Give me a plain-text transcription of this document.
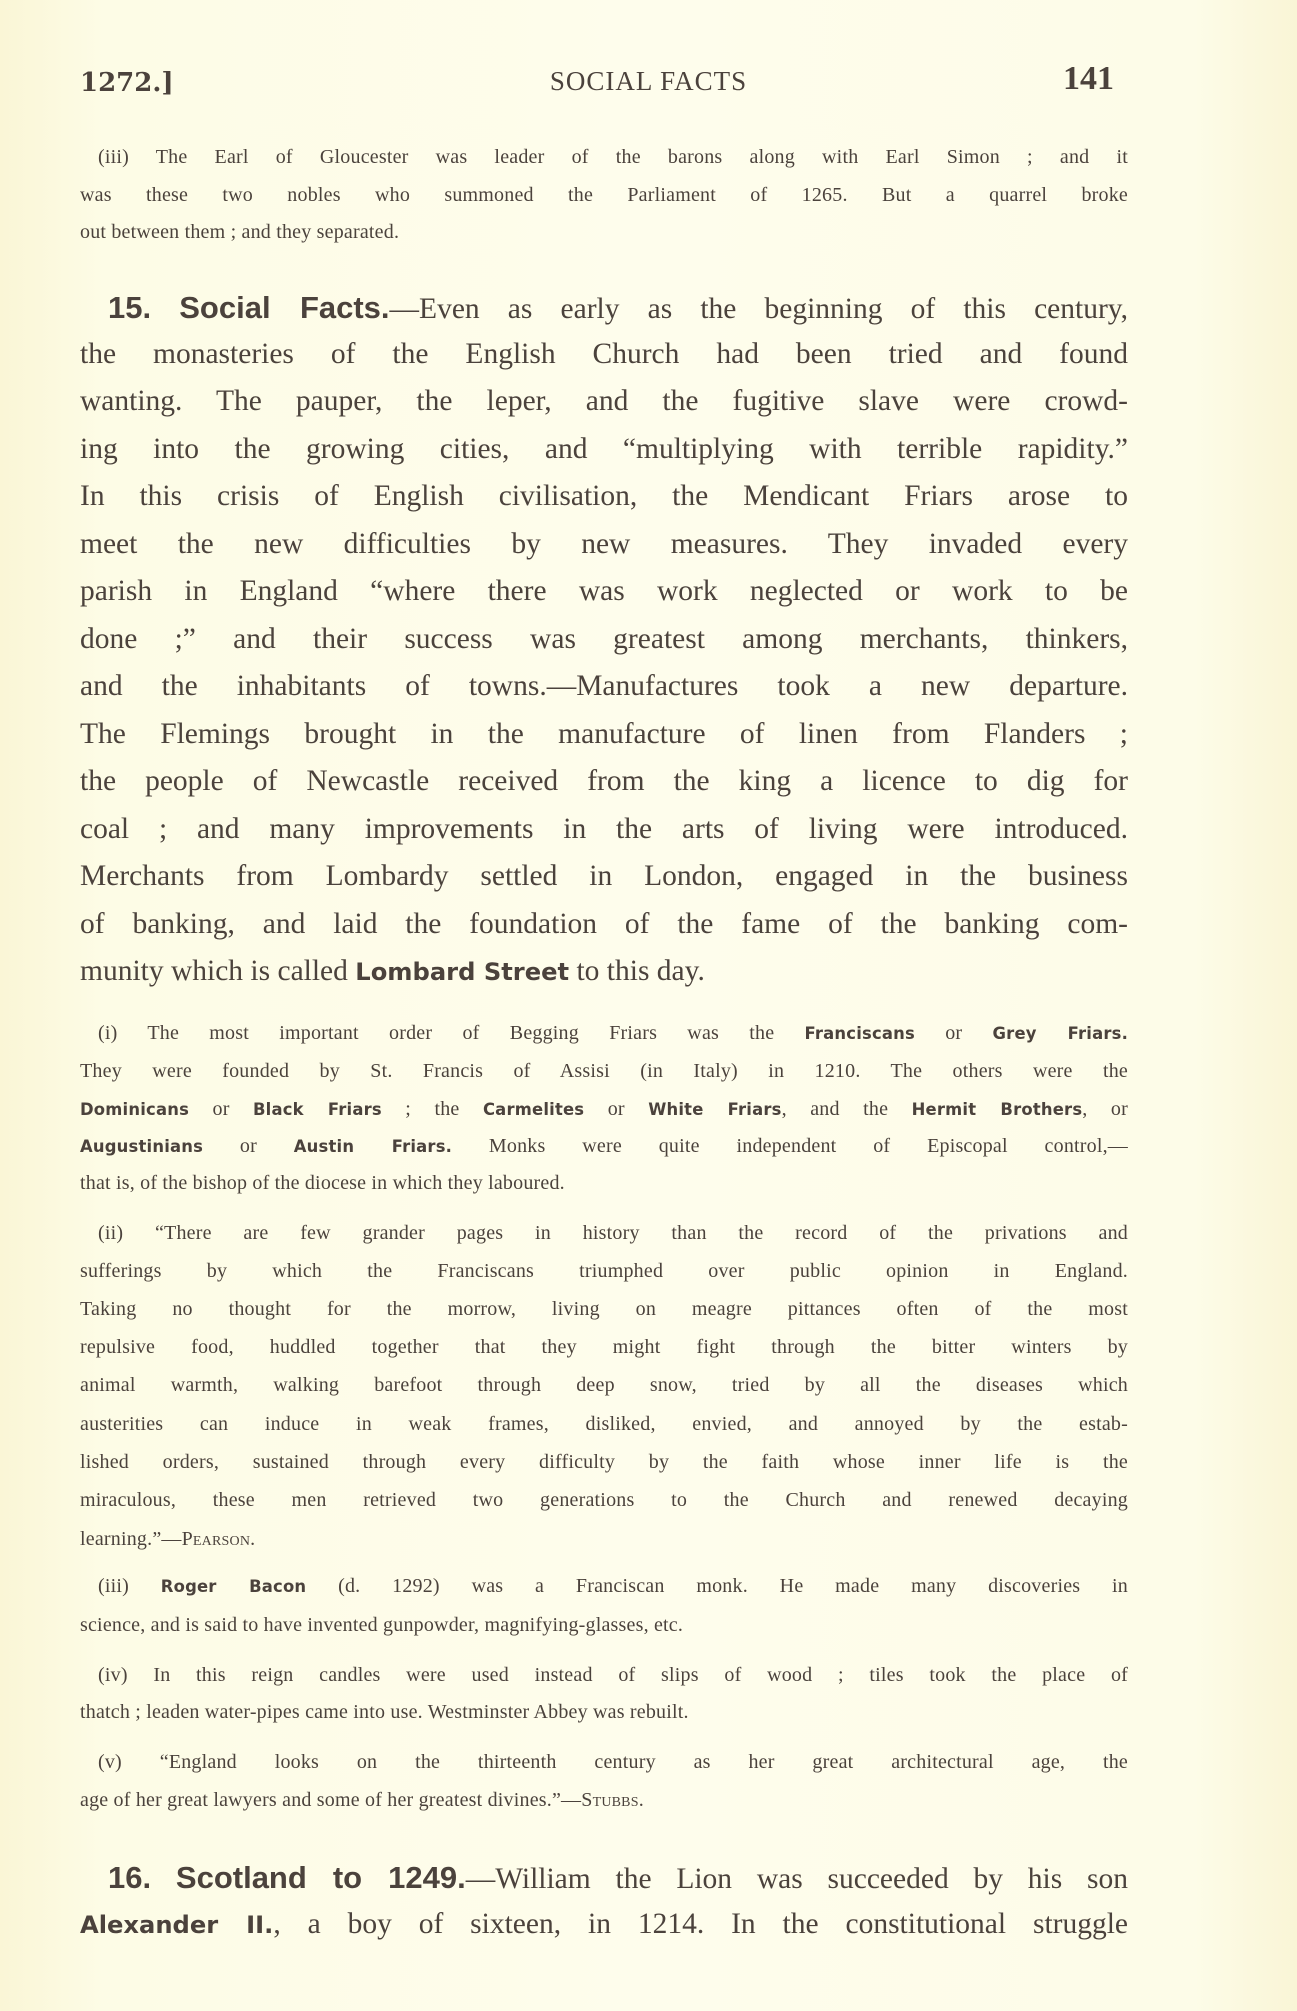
1272.]	SOCIAL FACTS	141
(iii) The Earl of Gloucester was leader of the barons along with Earl Simon ; and it
was these two nobles who summoned the Parliament of 1265. But a quarrel broke
out between them ; and they separated.
15. Social Facts.—Even as early as the beginning of this century,
the monasteries of the English Church had been tried and found
wanting. The pauper, the leper, and the fugitive slave were crowd-
ing into the growing cities, and “multiplying with terrible rapidity.”
In this crisis of English civilisation, the Mendicant Friars arose to
meet the new difficulties by new measures. They invaded every
parish in England “where there was work neglected or work to be
done ;” and their success was greatest among merchants, thinkers,
and the inhabitants of towns.—Manufactures took a new departure.
The Flemings brought in the manufacture of linen from Flanders ;
the people of Newcastle received from the king a licence to dig for
coal ; and many improvements in the arts of living were introduced.
Merchants from Lombardy settled in London, engaged in the business
of banking, and laid the foundation of the fame of the banking com-
munity which is called Lombard Street to this day.
(i) The most important order of Begging Friars was the Franciscans or Grey Friars.
They were founded by St. Francis of Assisi (in Italy) in 1210. The others were the
Dominicans or Black Friars ; the Carmelites or White Friars, and the Hermit Brothers, or
Augustinians or Austin Friars. Monks were quite independent of Episcopal control,—
that is, of the bishop of the diocese in which they laboured.
(ii) “There are few grander pages in history than the record of the privations and
sufferings by which the Franciscans triumphed over public opinion in England.
Taking no thought for the morrow, living on meagre pittances often of the most
repulsive food, huddled together that they might fight through the bitter winters by
animal warmth, walking barefoot through deep snow, tried by all the diseases which
austerities can induce in weak frames, disliked, envied, and annoyed by the estab-
lished orders, sustained through every difficulty by the faith whose inner life is the
miraculous, these men retrieved two generations to the Church and renewed decaying
learning.”—Pearson.
(iii) Roger Bacon (d. 1292) was a Franciscan monk. He made many discoveries in
science, and is said to have invented gunpowder, magnifying-glasses, etc.
(iv) In this reign candles were used instead of slips of wood ; tiles took the place of
thatch ; leaden water-pipes came into use. Westminster Abbey was rebuilt.
(v) “England looks on the thirteenth century as her great architectural age, the
age of her great lawyers and some of her greatest divines.”—Stubbs.
16. Scotland to 1249.—William the Lion was succeeded by his son
Alexander II., a boy of sixteen, in 1214. In the constitutional struggle
